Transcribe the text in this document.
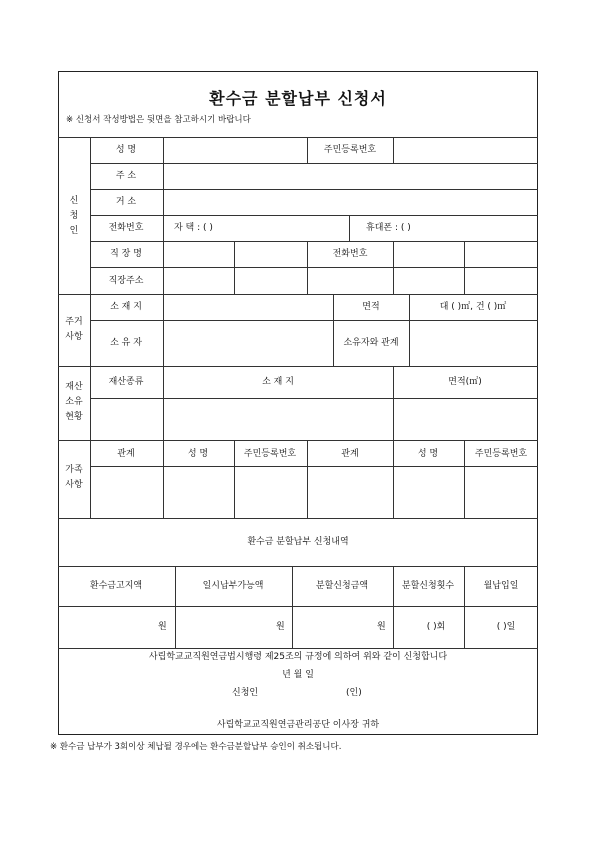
환수금 분할납부 신청서
※ 신청서 작성방법은 뒷면을 참고하시기 바랍니다
신
청
인
성 명	주민등록번호
주 소
거 소
전화번호	자 택 : ( )	휴대폰 : ( )
직 장 명	전화번호
직장주소
주거
사항
소 재 지	면적	대 ( )㎡, 건 ( )㎡
소 유 자	소유자와 관계
재산
소유
현황
재산종류	소 재 지	면적(㎡)
가족
사항
관계	성 명	주민등록번호	관계	성 명	주민등록번호
환수금 분할납부 신청내역
환수금고지액	일시납부가능액	분할신청금액	분할신청횟수	월납입일
원	원	원	( )회	( )일
사립학교교직원연금법시행령 제25조의 규정에 의하여 위와 같이 신청합니다
년 월 일
신청인	(인)
사립학교교직원연금관리공단 이사장 귀하
※ 환수금 납부가 3회이상 체납될 경우에는 환수금분할납부 승인이 취소됩니다.
